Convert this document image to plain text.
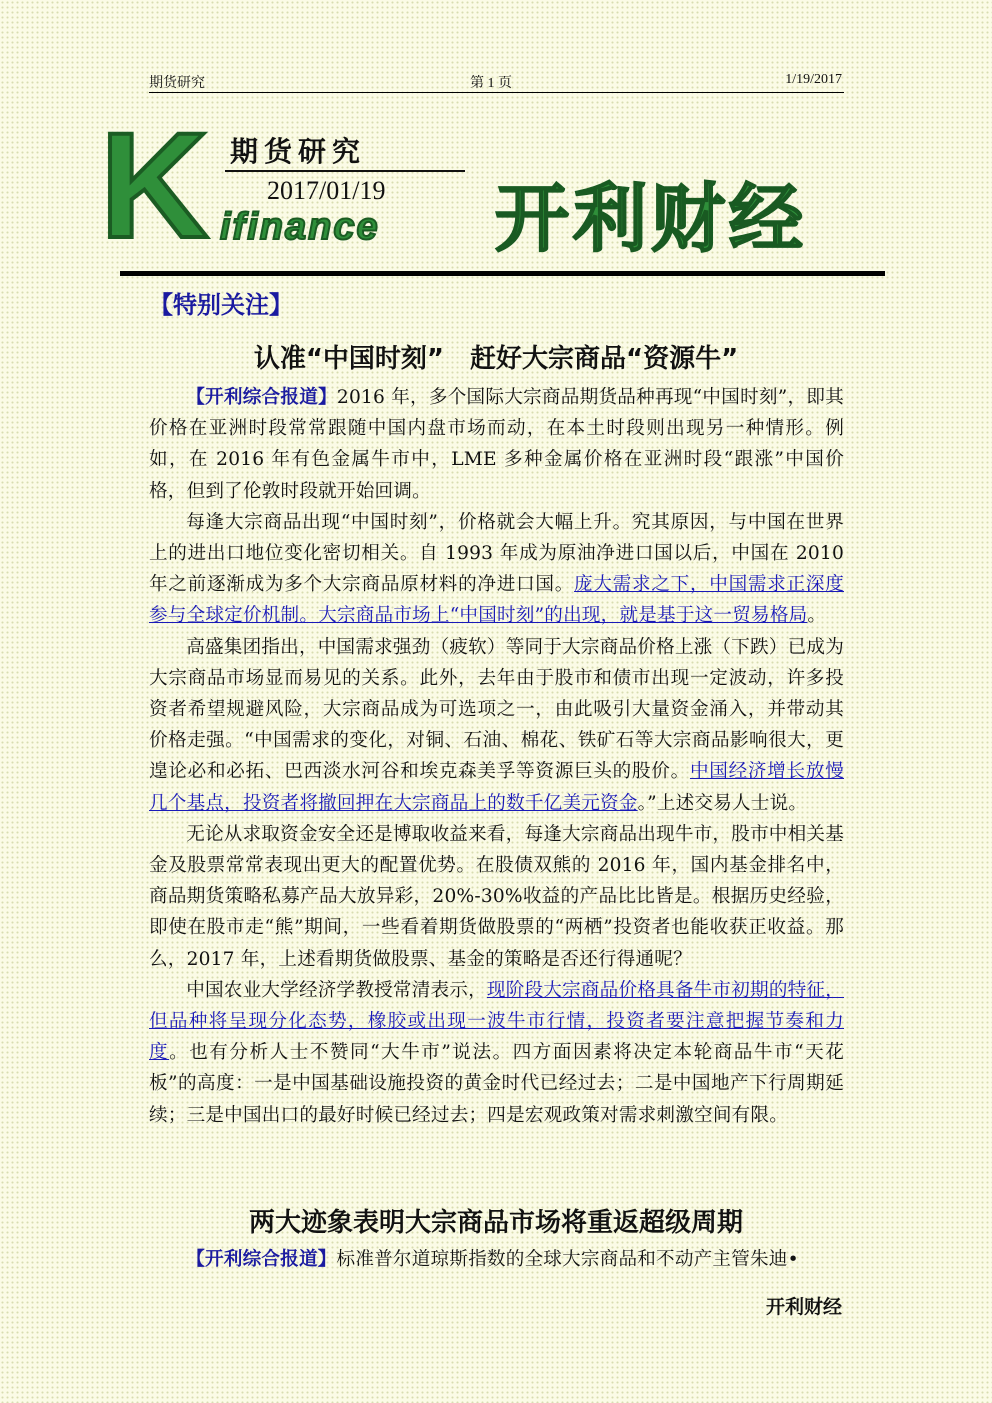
期货研究	第 1 页	1/19/2017
K 期货研究
2017/01/19
ifinance 开利财经
【特别关注】
认准“中国时刻”　赶好大宗商品“资源牛”

【开利综合报道】2016 年，多个国际大宗商品期货品种再现“中国时刻”，即其价格在亚洲时段常常跟随中国内盘市场而动，在本土时段则出现另一种情形。例如，在 2016 年有色金属牛市中，LME 多种金属价格在亚洲时段“跟涨”中国价格，但到了伦敦时段就开始回调。

每逢大宗商品出现“中国时刻”，价格就会大幅上升。究其原因，与中国在世界上的进出口地位变化密切相关。自 1993 年成为原油净进口国以后，中国在 2010 年之前逐渐成为多个大宗商品原材料的净进口国。庞大需求之下，中国需求正深度参与全球定价机制。大宗商品市场上“中国时刻”的出现，就是基于这一贸易格局。

高盛集团指出，中国需求强劲（疲软）等同于大宗商品价格上涨（下跌）已成为大宗商品市场显而易见的关系。此外，去年由于股市和债市出现一定波动，许多投资者希望规避风险，大宗商品成为可选项之一，由此吸引大量资金涌入，并带动其价格走强。“中国需求的变化，对铜、石油、棉花、铁矿石等大宗商品影响很大，更遑论必和必拓、巴西淡水河谷和埃克森美孚等资源巨头的股价。中国经济增长放慢几个基点，投资者将撤回押在大宗商品上的数千亿美元资金。”上述交易人士说。

无论从求取资金安全还是博取收益来看，每逢大宗商品出现牛市，股市中相关基金及股票常常表现出更大的配置优势。在股债双熊的 2016 年，国内基金排名中，商品期货策略私募产品大放异彩，20%-30%收益的产品比比皆是。根据历史经验，即使在股市走“熊”期间，一些看着期货做股票的“两栖”投资者也能收获正收益。那么，2017 年，上述看期货做股票、基金的策略是否还行得通呢？

中国农业大学经济学教授常清表示，现阶段大宗商品价格具备牛市初期的特征，但品种将呈现分化态势，橡胶或出现一波牛市行情，投资者要注意把握节奏和力度。也有分析人士不赞同“大牛市”说法。四方面因素将决定本轮商品牛市“天花板”的高度：一是中国基础设施投资的黄金时代已经过去；二是中国地产下行周期延续；三是中国出口的最好时候已经过去；四是宏观政策对需求刺激空间有限。

两大迹象表明大宗商品市场将重返超级周期

【开利综合报道】标准普尔道琼斯指数的全球大宗商品和不动产主管朱迪•

开利财经
